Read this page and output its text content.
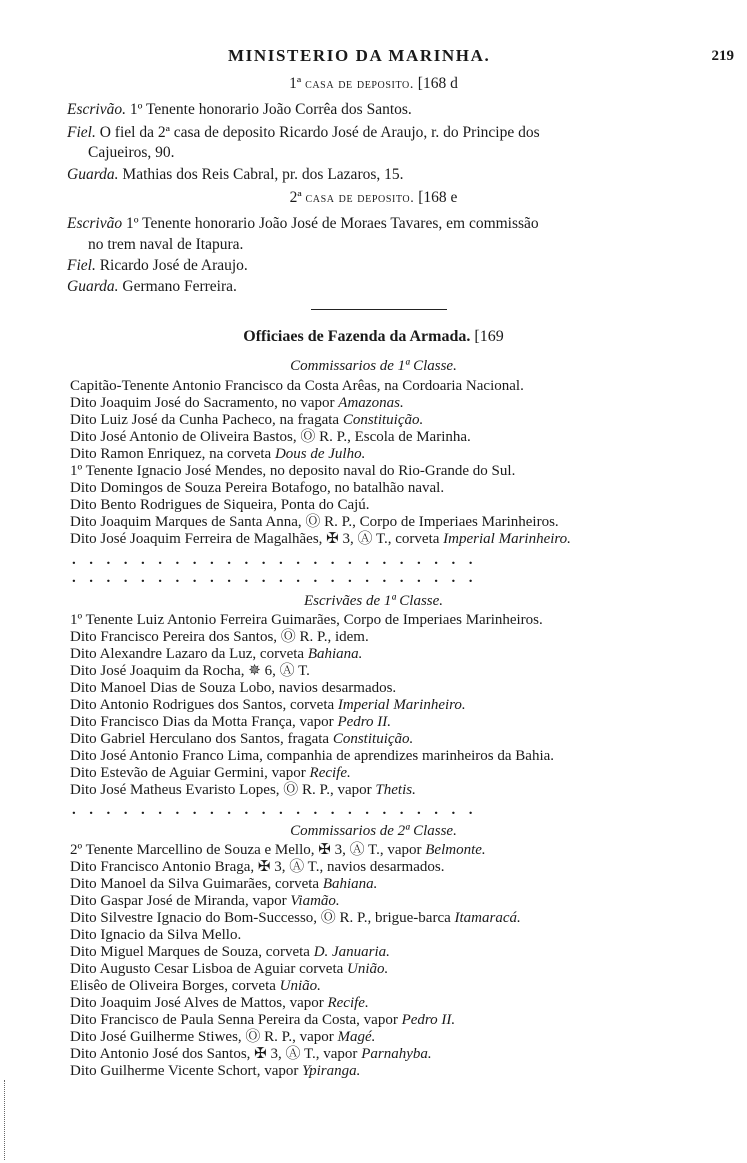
MINISTERIO DA MARINHA.	219
1ª casa de deposito. [168 d
Escrivão. 1º Tenente honorario João Corrêa dos Santos.
Fiel. O fiel da 2ª casa de deposito Ricardo José de Araujo, r. do Principe dos
Cajueiros, 90.
Guarda. Mathias dos Reis Cabral, pr. dos Lazaros, 15.
2ª casa de deposito. [168 e
Escrivão 1º Tenente honorario João José de Moraes Tavares, em commissão
no trem naval de Itapura.
Fiel. Ricardo José de Araujo.
Guarda. Germano Ferreira.
Officiaes de Fazenda da Armada. [169
Commissarios de 1ª Classe.
Capitão-Tenente Antonio Francisco da Costa Arêas, na Cordoaria Nacional.
Dito Joaquim José do Sacramento, no vapor Amazonas.
Dito Luiz José da Cunha Pacheco, na fragata Constituição.
Dito José Antonio de Oliveira Bastos, Ⓞ R. P., Escola de Marinha.
Dito Ramon Enriquez, na corveta Dous de Julho.
1º Tenente Ignacio José Mendes, no deposito naval do Rio-Grande do Sul.
Dito Domingos de Souza Pereira Botafogo, no batalhão naval.
Dito Bento Rodrigues de Siqueira, Ponta do Cajú.
Dito Joaquim Marques de Santa Anna, Ⓞ R. P., Corpo de Imperiaes Marinheiros.
Dito José Joaquim Ferreira de Magalhães, ✠ 3, Ⓐ T., corveta Imperial Marinheiro.
........................
........................
Escrivães de 1ª Classe.
1º Tenente Luiz Antonio Ferreira Guimarães, Corpo de Imperiaes Marinheiros.
Dito Francisco Pereira dos Santos, Ⓞ R. P., idem.
Dito Alexandre Lazaro da Luz, corveta Bahiana.
Dito José Joaquim da Rocha, ✵ 6, Ⓐ T.
Dito Manoel Dias de Souza Lobo, navios desarmados.
Dito Antonio Rodrigues dos Santos, corveta Imperial Marinheiro.
Dito Francisco Dias da Motta França, vapor Pedro II.
Dito Gabriel Herculano dos Santos, fragata Constituição.
Dito José Antonio Franco Lima, companhia de aprendizes marinheiros da Bahia.
Dito Estevão de Aguiar Germini, vapor Recife.
Dito José Matheus Evaristo Lopes, Ⓞ R. P., vapor Thetis.
........................
Commissarios de 2ª Classe.
2º Tenente Marcellino de Souza e Mello, ✠ 3, Ⓐ T., vapor Belmonte.
Dito Francisco Antonio Braga, ✠ 3, Ⓐ T., navios desarmados.
Dito Manoel da Silva Guimarães, corveta Bahiana.
Dito Gaspar José de Miranda, vapor Viamão.
Dito Silvestre Ignacio do Bom-Successo, Ⓞ R. P., brigue-barca Itamaracá.
Dito Ignacio da Silva Mello.
Dito Miguel Marques de Souza, corveta D. Januaria.
Dito Augusto Cesar Lisboa de Aguiar corveta União.
Elisêo de Oliveira Borges, corveta União.
Dito Joaquim José Alves de Mattos, vapor Recife.
Dito Francisco de Paula Senna Pereira da Costa, vapor Pedro II.
Dito José Guilherme Stiwes, Ⓞ R. P., vapor Magé.
Dito Antonio José dos Santos, ✠ 3, Ⓐ T., vapor Parnahyba.
Dito Guilherme Vicente Schort, vapor Ypiranga.
